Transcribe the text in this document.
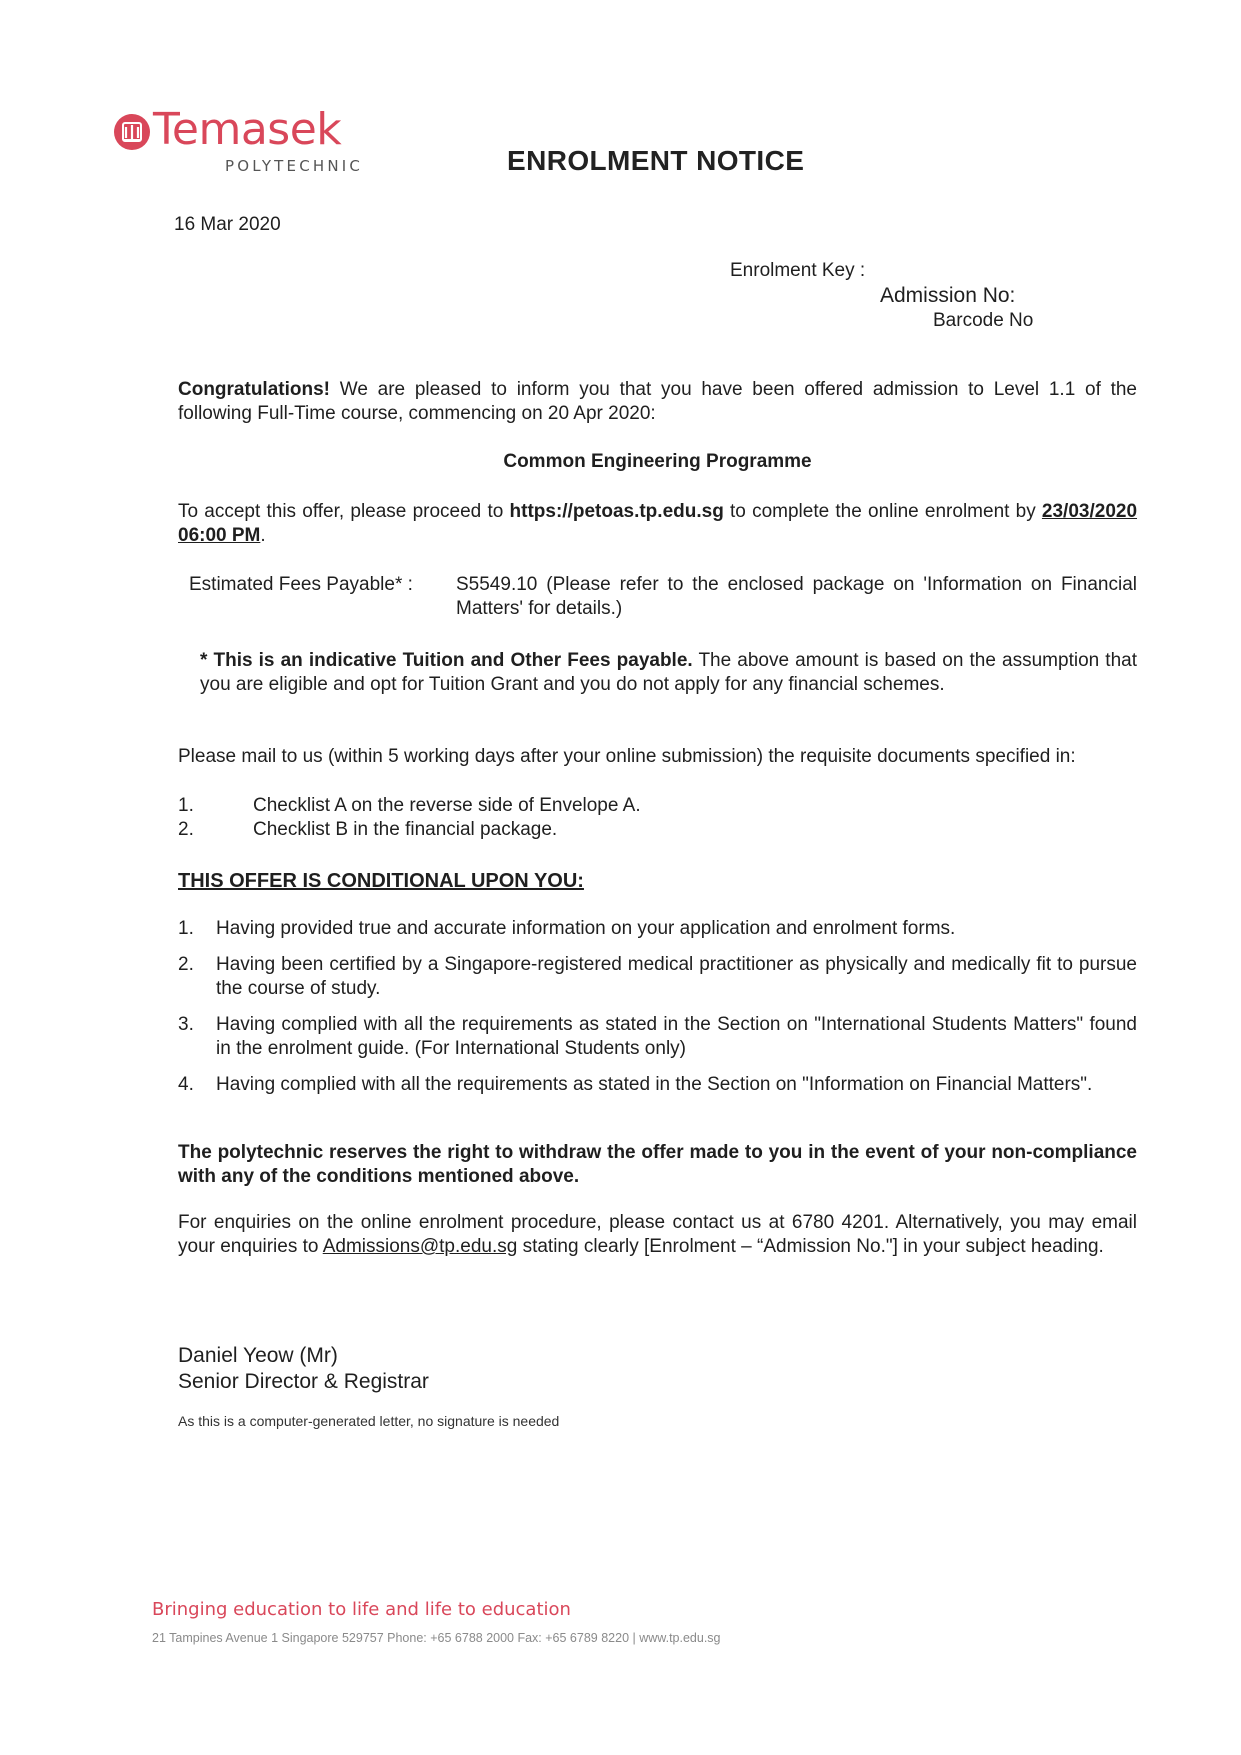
Temasek
POLYTECHNIC	ENROLMENT NOTICE
16 Mar 2020
Enrolment Key :
Admission No:
Barcode No
Congratulations! We are pleased to inform you that you have been offered admission to Level 1.1 of the following Full-Time course, commencing on 20 Apr 2020:
Common Engineering Programme
To accept this offer, please proceed to https://petoas.tp.edu.sg to complete the online enrolment by 23/03/2020 06:00 PM.
Estimated Fees Payable* : S5549.10 (Please refer to the enclosed package on 'Information on Financial Matters' for details.)
* This is an indicative Tuition and Other Fees payable. The above amount is based on the assumption that you are eligible and opt for Tuition Grant and you do not apply for any financial schemes.
Please mail to us (within 5 working days after your online submission) the requisite documents specified in:
1.	Checklist A on the reverse side of Envelope A.
2.	Checklist B in the financial package.
THIS OFFER IS CONDITIONAL UPON YOU:
1. Having provided true and accurate information on your application and enrolment forms.
2. Having been certified by a Singapore-registered medical practitioner as physically and medically fit to pursue the course of study.
3. Having complied with all the requirements as stated in the Section on "International Students Matters" found in the enrolment guide. (For International Students only)
4. Having complied with all the requirements as stated in the Section on "Information on Financial Matters".
The polytechnic reserves the right to withdraw the offer made to you in the event of your non-compliance with any of the conditions mentioned above.
For enquiries on the online enrolment procedure, please contact us at 6780 4201. Alternatively, you may email your enquiries to Admissions@tp.edu.sg stating clearly [Enrolment – “Admission No."] in your subject heading.
Daniel Yeow (Mr)
Senior Director & Registrar
As this is a computer-generated letter, no signature is needed
Bringing education to life and life to education
21 Tampines Avenue 1 Singapore 529757 Phone: +65 6788 2000 Fax: +65 6789 8220 | www.tp.edu.sg
